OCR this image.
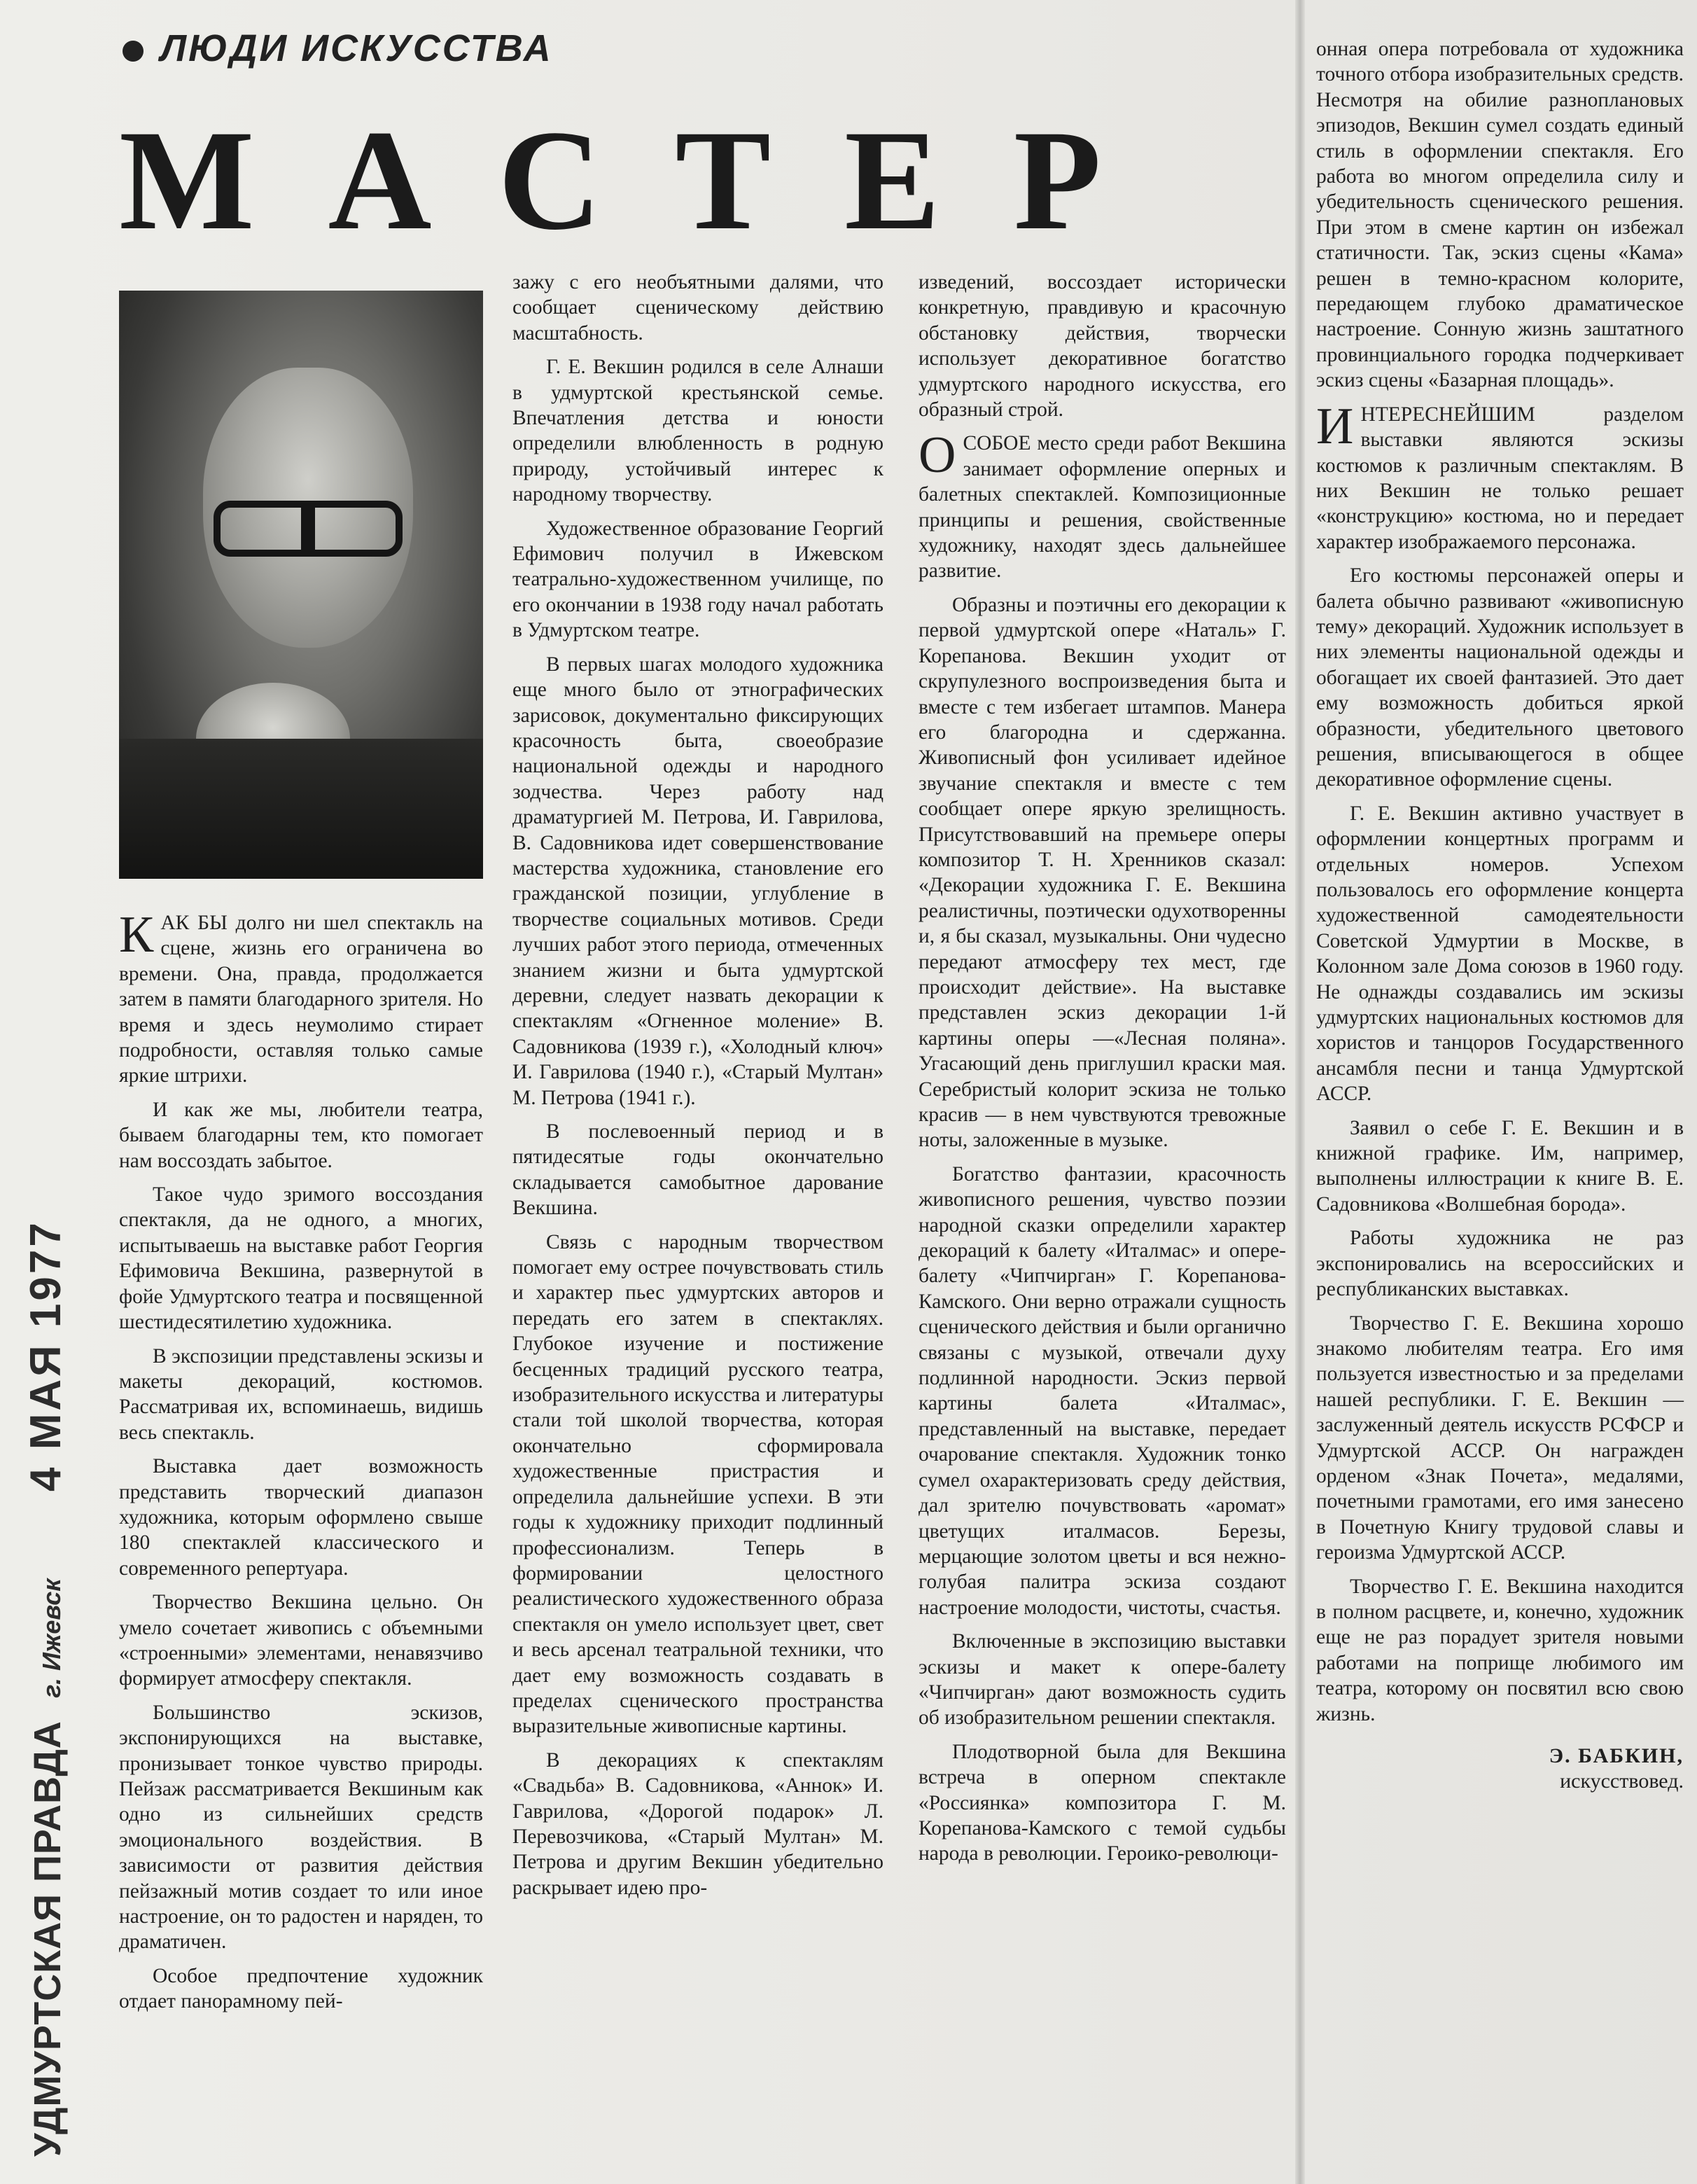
ЛЮДИ ИСКУССТВА
МАСТЕР

КАК БЫ долго ни шел спектакль на сцене, жизнь его ограничена во времени. Она, правда, продолжается затем в памяти благодарного зрителя. Но время и здесь неумолимо стирает подробности, оставляя только самые яркие штрихи.

И как же мы, любители театра, бываем благодарны тем, кто помогает нам воссоздать забытое.

Такое чудо зримого воссоздания спектакля, да не одного, а многих, испытываешь на выставке работ Георгия Ефимовича Векшина, развернутой в фойе Удмуртского театра и посвященной шестидесятилетию художника.

В экспозиции представлены эскизы и макеты декораций, костюмов. Рассматривая их, вспоминаешь, видишь весь спектакль.

Выставка дает возможность представить творческий диапазон художника, которым оформлено свыше 180 спектаклей классического и современного репертуара.

Творчество Векшина цельно. Он умело сочетает живопись с объемными «строенными» элементами, ненавязчиво формирует атмосферу спектакля.

Большинство эскизов, экспонирующихся на выставке, пронизывает тонкое чувство природы. Пейзаж рассматривается Векшиным как одно из сильнейших средств эмоционального воздействия. В зависимости от развития действия пейзажный мотив создает то или иное настроение, он то радостен и наряден, то драматичен.

Особое предпочтение художник отдает панорамному пей-

зажу с его необъятными далями, что сообщает сценическому действию масштабность.

Г. Е. Векшин родился в селе Алнаши в удмуртской крестьянской семье. Впечатления детства и юности определили влюбленность в родную природу, устойчивый интерес к народному творчеству.

Художественное образование Георгий Ефимович получил в Ижевском театрально-художественном училище, по его окончании в 1938 году начал работать в Удмуртском театре.

В первых шагах молодого художника еще много было от этнографических зарисовок, документально фиксирующих красочность быта, своеобразие национальной одежды и народного зодчества. Через работу над драматургией М. Петрова, И. Гаврилова, В. Садовникова идет совершенствование мастерства художника, становление его гражданской позиции, углубление в творчестве социальных мотивов. Среди лучших работ этого периода, отмеченных знанием жизни и быта удмуртской деревни, следует назвать декорации к спектаклям «Огненное моление» В. Садовникова (1939 г.), «Холодный ключ» И. Гаврилова (1940 г.), «Старый Мултан» М. Петрова (1941 г.).

В послевоенный период и в пятидесятые годы окончательно складывается самобытное дарование Векшина.

Связь с народным творчеством помогает ему острее почувствовать стиль и характер пьес удмуртских авторов и передать его затем в спектаклях. Глубокое изучение и постижение бесценных традиций русского театра, изобразительного искусства и литературы стали той школой творчества, которая окончательно сформировала художественные пристрастия и определила дальнейшие успехи. В эти годы к художнику приходит подлинный профессионализм. Теперь в формировании целостного реалистического художественного образа спектакля он умело использует цвет, свет и весь арсенал театральной техники, что дает ему возможность создавать в пределах сценического пространства выразительные живописные картины.

В декорациях к спектаклям «Свадьба» В. Садовникова, «Аннок» И. Гаврилова, «Дорогой подарок» Л. Перевозчикова, «Старый Мултан» М. Петрова и другим Векшин убедительно раскрывает идею про-

изведений, воссоздает исторически конкретную, правдивую и красочную обстановку действия, творчески использует декоративное богатство удмуртского народного искусства, его образный строй.

ОСОБОЕ место среди работ Векшина занимает оформление оперных и балетных спектаклей. Композиционные принципы и решения, свойственные художнику, находят здесь дальнейшее развитие.

Образны и поэтичны его декорации к первой удмуртской опере «Наталь» Г. Корепанова. Векшин уходит от скрупулезного воспроизведения быта и вместе с тем избегает штампов. Манера его благородна и сдержанна. Живописный фон усиливает идейное звучание спектакля и вместе с тем сообщает опере яркую зрелищность. Присутствовавший на премьере оперы композитор Т. Н. Хренников сказал: «Декорации художника Г. Е. Векшина реалистичны, поэтически одухотворенны и, я бы сказал, музыкальны. Они чудесно передают атмосферу тех мест, где происходит действие». На выставке представлен эскиз декорации 1-й картины оперы —«Лесная поляна». Угасающий день приглушил краски мая. Серебристый колорит эскиза не только красив — в нем чувствуются тревожные ноты, заложенные в музыке.

Богатство фантазии, красочность живописного решения, чувство поэзии народной сказки определили характер декораций к балету «Италмас» и опере-балету «Чипчирган» Г. Корепанова-Камского. Они верно отражали сущность сценического действия и были органично связаны с музыкой, отвечали духу подлинной народности. Эскиз первой картины балета «Италмас», представленный на выставке, передает очарование спектакля. Художник тонко сумел охарактеризовать среду действия, дал зрителю почувствовать «аромат» цветущих италмасов. Березы, мерцающие золотом цветы и вся нежно-голубая палитра эскиза создают настроение молодости, чистоты, счастья.

Включенные в экспозицию выставки эскизы и макет к опере-балету «Чипчирган» дают возможность судить об изобразительном решении спектакля.

Плодотворной была для Векшина встреча в оперном спектакле «Россиянка» композитора Г. М. Корепанова-Камского с темой судьбы народа в революции. Героико-революци-

онная опера потребовала от художника точного отбора изобразительных средств. Несмотря на обилие разноплановых эпизодов, Векшин сумел создать единый стиль в оформлении спектакля. Его работа во многом определила силу и убедительность сценического решения. При этом в смене картин он избежал статичности. Так, эскиз сцены «Кама» решен в темно-красном колорите, передающем глубоко драматическое настроение. Сонную жизнь заштатного провинциального городка подчеркивает эскиз сцены «Базарная площадь».

ИНТЕРЕСНЕЙШИМ разделом выставки являются эскизы костюмов к различным спектаклям. В них Векшин не только решает «конструкцию» костюма, но и передает характер изображаемого персонажа.

Его костюмы персонажей оперы и балета обычно развивают «живописную тему» декораций. Художник использует в них элементы национальной одежды и обогащает их своей фантазией. Это дает ему возможность добиться яркой образности, убедительного цветового решения, вписывающегося в общее декоративное оформление сцены.

Г. Е. Векшин активно участвует в оформлении концертных программ и отдельных номеров. Успехом пользовалось его оформление концерта художественной самодеятельности Советской Удмуртии в Москве, в Колонном зале Дома союзов в 1960 году. Не однажды создавались им эскизы удмуртских национальных костюмов для хористов и танцоров Государственного ансамбля песни и танца Удмуртской АССР.

Заявил о себе Г. Е. Векшин и в книжной графике. Им, например, выполнены иллюстрации к книге В. Е. Садовникова «Волшебная борода».

Работы художника не раз экспонировались на всероссийских и республиканских выставках.

Творчество Г. Е. Векшина хорошо знакомо любителям театра. Его имя пользуется известностью и за пределами нашей республики. Г. Е. Векшин — заслуженный деятель искусств РСФСР и Удмуртской АССР. Он награжден орденом «Знак Почета», медалями, почетными грамотами, его имя занесено в Почетную Книгу трудовой славы и героизма Удмуртской АССР.

Творчество Г. Е. Векшина находится в полном расцвете, и, конечно, художник еще не раз порадует зрителя новыми работами на поприще любимого им театра, которому он посвятил всю свою жизнь.

Э. БАБКИН,
искусствовед.
УДМУРТСКАЯ ПРАВДА г. Ижевск 4 МАЯ 1977
